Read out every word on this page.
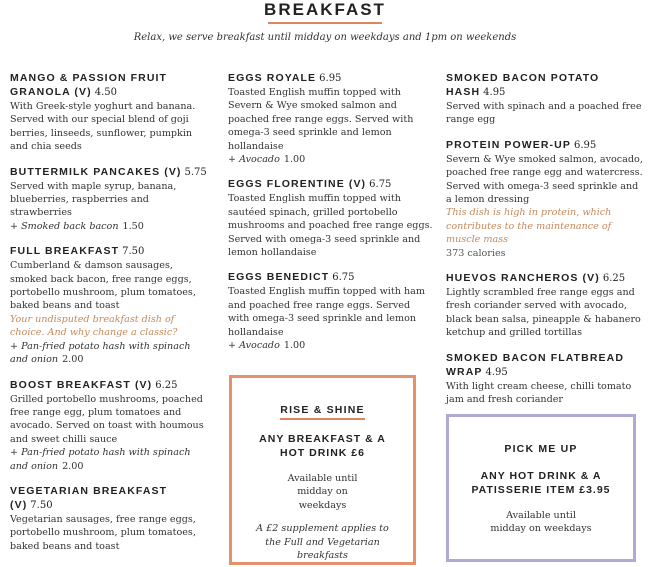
BREAKFAST
Relax, we serve breakfast until midday on weekdays and 1pm on weekends
MANGO & PASSION FRUIT GRANOLA (V) 4.50
With Greek-style yoghurt and banana. Served with our special blend of goji berries, linseeds, sunflower, pumpkin and chia seeds
BUTTERMILK PANCAKES (V) 5.75
Served with maple syrup, banana, blueberries, raspberries and strawberries
+ Smoked back bacon 1.50
FULL BREAKFAST 7.50
Cumberland & damson sausages, smoked back bacon, free range eggs, portobello mushroom, plum tomatoes, baked beans and toast
Your undisputed breakfast dish of choice. And why change a classic?
+ Pan-fried potato hash with spinach and onion 2.00
BOOST BREAKFAST (V) 6.25
Grilled portobello mushrooms, poached free range egg, plum tomatoes and avocado. Served on toast with houmous and sweet chilli sauce
+ Pan-fried potato hash with spinach and onion 2.00
VEGETARIAN BREAKFAST (V) 7.50
Vegetarian sausages, free range eggs, portobello mushroom, plum tomatoes, baked beans and toast
EGGS ROYALE 6.95
Toasted English muffin topped with Severn & Wye smoked salmon and poached free range eggs. Served with omega-3 seed sprinkle and lemon hollandaise
+ Avocado 1.00
EGGS FLORENTINE (V) 6.75
Toasted English muffin topped with sautéed spinach, grilled portobello mushrooms and poached free range eggs. Served with omega-3 seed sprinkle and lemon hollandaise
EGGS BENEDICT 6.75
Toasted English muffin topped with ham and poached free range eggs. Served with omega-3 seed sprinkle and lemon hollandaise
+ Avocado 1.00
SMOKED BACON POTATO HASH 4.95
Served with spinach and a poached free range egg
PROTEIN POWER-UP 6.95
Severn & Wye smoked salmon, avocado, poached free range egg and watercress. Served with omega-3 seed sprinkle and a lemon dressing
This dish is high in protein, which contributes to the maintenance of muscle mass
373 calories
HUEVOS RANCHEROS (V) 6.25
Lightly scrambled free range eggs and fresh coriander served with avocado, black bean salsa, pineapple & habanero ketchup and grilled tortillas
SMOKED BACON FLATBREAD WRAP 4.95
With light cream cheese, chilli tomato jam and fresh coriander
RISE & SHINE
ANY BREAKFAST & A HOT DRINK £6
Available until midday on weekdays
A £2 supplement applies to the Full and Vegetarian breakfasts
PICK ME UP
ANY HOT DRINK & A PATISSERIE ITEM £3.95
Available until midday on weekdays
